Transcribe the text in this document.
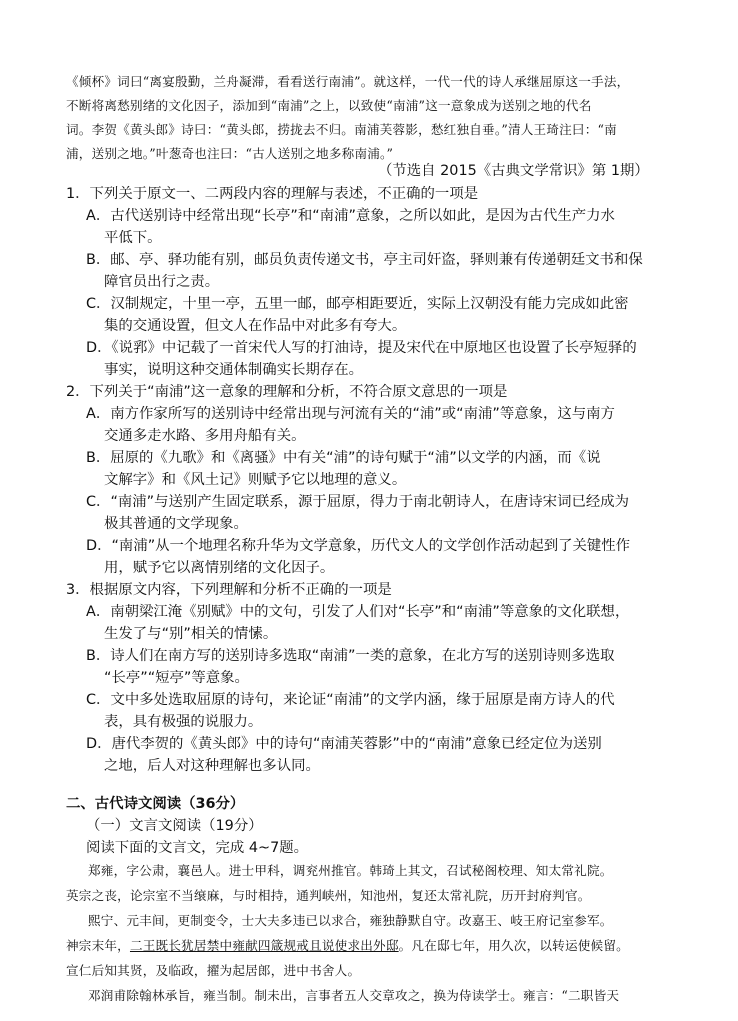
《倾杯》词曰“离宴殷勤，兰舟凝滞，看看送行南浦”。就这样，一代一代的诗人承继屈原这一手法，
不断将离愁别绪的文化因子，添加到“南浦”之上，以致使“南浦”这一意象成为送别之地的代名
词。李贺《黄头郎》诗曰：“黄头郎，捞拢去不归。南浦芙蓉影，愁红独自垂。”清人王琦注曰：“南
浦，送别之地。”叶葱奇也注曰：“古人送别之地多称南浦。”
（节选自 2015《古典文学常识》第 1期）
1．下列关于原文一、二两段内容的理解与表述，不正确的一项是
A．古代送别诗中经常出现“长亭”和“南浦”意象，之所以如此，是因为古代生产力水
平低下。
B．邮、亭、驿功能有别，邮员负责传递文书，亭主司奸盗，驿则兼有传递朝廷文书和保
障官员出行之责。
C．汉制规定，十里一亭，五里一邮，邮亭相距要近，实际上汉朝没有能力完成如此密
集的交通设置，但文人在作品中对此多有夸大。
D．《说郛》中记载了一首宋代人写的打油诗，提及宋代在中原地区也设置了长亭短驿的
事实，说明这种交通体制确实长期存在。
2．下列关于“南浦”这一意象的理解和分析，不符合原文意思的一项是
A．南方作家所写的送别诗中经常出现与河流有关的“浦”或“南浦”等意象，这与南方
交通多走水路、多用舟船有关。
B．屈原的《九歌》和《离骚》中有关“浦”的诗句赋于“浦”以文学的内涵，而《说
文解字》和《风土记》则赋予它以地理的意义。
C．“南浦”与送别产生固定联系，源于屈原，得力于南北朝诗人，在唐诗宋词已经成为
极其普通的文学现象。
D．“南浦”从一个地理名称升华为文学意象，历代文人的文学创作活动起到了关键性作
用，赋予它以离情别绪的文化因子。
3．根据原文内容，下列理解和分析不正确的一项是
A．南朝梁江淹《别赋》中的文句，引发了人们对“长亭”和“南浦”等意象的文化联想，
生发了与“别”相关的情愫。
B．诗人们在南方写的送别诗多选取“南浦”一类的意象，在北方写的送别诗则多选取
“长亭”“短亭”等意象。
C．文中多处选取屈原的诗句，来论证“南浦”的文学内涵，缘于屈原是南方诗人的代
表，具有极强的说服力。
D．唐代李贺的《黄头郎》中的诗句“南浦芙蓉影”中的“南浦”意象已经定位为送别
之地，后人对这种理解也多认同。
二、古代诗文阅读（36分）
（一）文言文阅读（19分）
阅读下面的文言文，完成 4~7题。
郑雍，字公肃，襄邑人。进士甲科，调兖州推官。韩琦上其文，召试秘阁校理、知太常礼院。
英宗之丧，论宗室不当缞麻，与时相持，通判峡州，知池州，复还太常礼院，历开封府判官。
熙宁、元丰间，更制变令，士大夫多违已以求合，雍独静默自守。改嘉王、岐王府记室参军。
神宗末年，二王既长犹居禁中雍献四箴规戒且说使求出外邸。凡在邸七年，用久次，以转运使候留。
宣仁后知其贤，及临政，擢为起居郎，进中书舍人。
邓润甫除翰林承旨，雍当制。制未出，言事者五人交章攻之，换为侍读学士。雍言：“二职皆天
